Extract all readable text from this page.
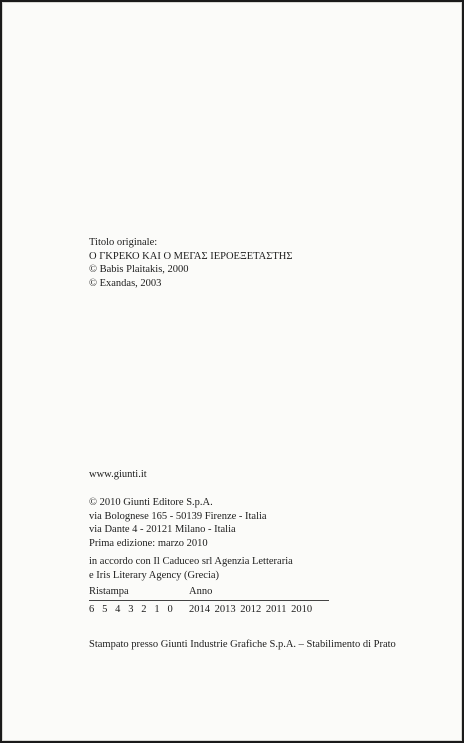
Titolo originale:
Ο ΓΚΡΕΚΟ ΚΑΙ Ο ΜΕΓΑΣ ΙΕΡΟΕΞΕΤΑΣΤΗΣ
© Babis Plaitakis, 2000
© Exandas, 2003
www.giunti.it
© 2010 Giunti Editore S.p.A.
via Bolognese 165 - 50139 Firenze - Italia
via Dante 4 - 20121 Milano - Italia
Prima edizione: marzo 2010
in accordo con Il Caduceo srl Agenzia Letteraria
e Iris Literary Agency (Grecia)
Ristampa	Anno
6 5 4 3 2 1 0 2014 2013 2012 2011 2010
Stampato presso Giunti Industrie Grafiche S.p.A. – Stabilimento di Prato
